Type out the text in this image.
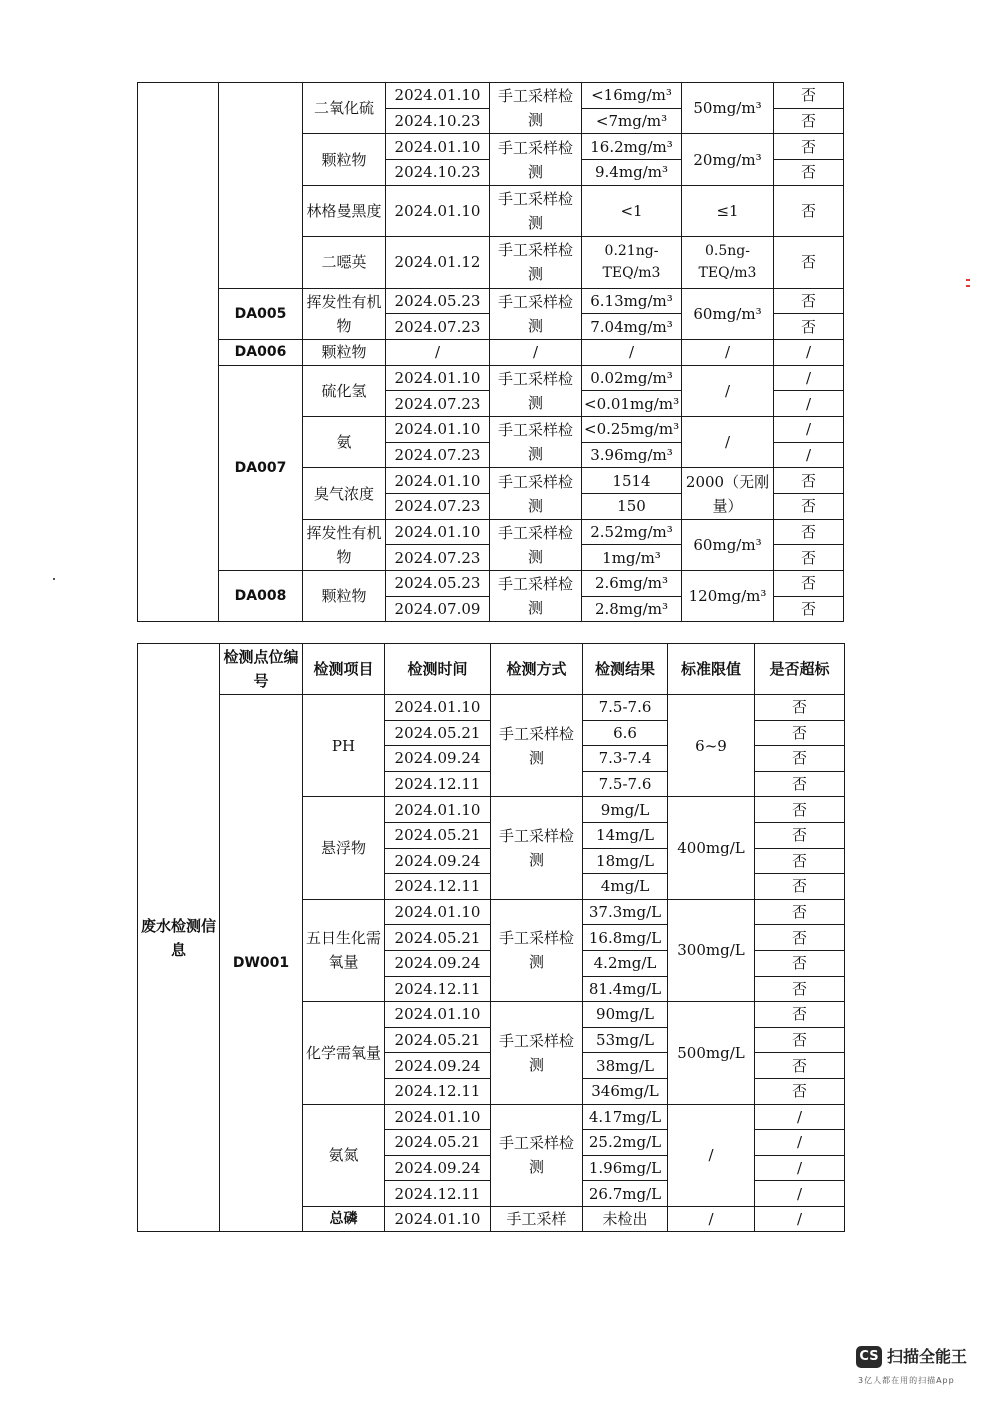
		二氧化硫	2024.01.10	手工采样检测	<16mg/m³	50mg/m³	否
			2024.10.23		<7mg/m³		否
		颗粒物	2024.01.10	手工采样检测	16.2mg/m³	20mg/m³	否
			2024.10.23		9.4mg/m³		否
		林格曼黑度	2024.01.10	手工采样检测	<1	≤1	否

		二噁英	2024.01.12	手工采样检测	0.21ng-TEQ/m3	0.5ng-TEQ/m3	否

	DA005	挥发性有机物	2024.05.23	手工采样检测	6.13mg/m³	60mg/m³	否
			2024.07.23		7.04mg/m³		否
	DA006	颗粒物	/	/	/	/	/
	DA007	硫化氢	2024.01.10	手工采样检测	0.02mg/m³	/	/
			2024.07.23		<0.01mg/m³		/
		氨	2024.01.10	手工采样检测	<0.25mg/m³	/	/
			2024.07.23		3.96mg/m³		/
		臭气浓度	2024.01.10	手工采样检测	1514	2000（无刚量）	否
			2024.07.23		150		否
		挥发性有机物	2024.01.10	手工采样检测	2.52mg/m³	60mg/m³	否
			2024.07.23		1mg/m³		否
	DA008	颗粒物	2024.05.23	手工采样检测	2.6mg/m³	120mg/m³	否
			2024.07.09		2.8mg/m³		否
废水检测信息	检测点位编号	检测项目	检测时间	检测方式	检测结果	标准限值	是否超标
	DW001	PH	2024.01.10	手工采样检测	7.5-7.6	6~9	否
			2024.05.21		6.6		否
			2024.09.24		7.3-7.4		否
			2024.12.11		7.5-7.6		否
		悬浮物	2024.01.10	手工采样检测	9mg/L	400mg/L	否
			2024.05.21		14mg/L		否
			2024.09.24		18mg/L		否
			2024.12.11		4mg/L		否
		五日生化需氧量	2024.01.10	手工采样检测	37.3mg/L	300mg/L	否
			2024.05.21		16.8mg/L		否
			2024.09.24		4.2mg/L		否
			2024.12.11		81.4mg/L		否
		化学需氧量	2024.01.10	手工采样检测	90mg/L	500mg/L	否
			2024.05.21		53mg/L		否
			2024.09.24		38mg/L		否
			2024.12.11		346mg/L		否
		氨氮	2024.01.10	手工采样检测	4.17mg/L	/	/
			2024.05.21		25.2mg/L		/
			2024.09.24		1.96mg/L		/
			2024.12.11		26.7mg/L		/
		总磷	2024.01.10	手工采样	未检出	/	/
CS 扫描全能王
3亿人都在用的扫描App
